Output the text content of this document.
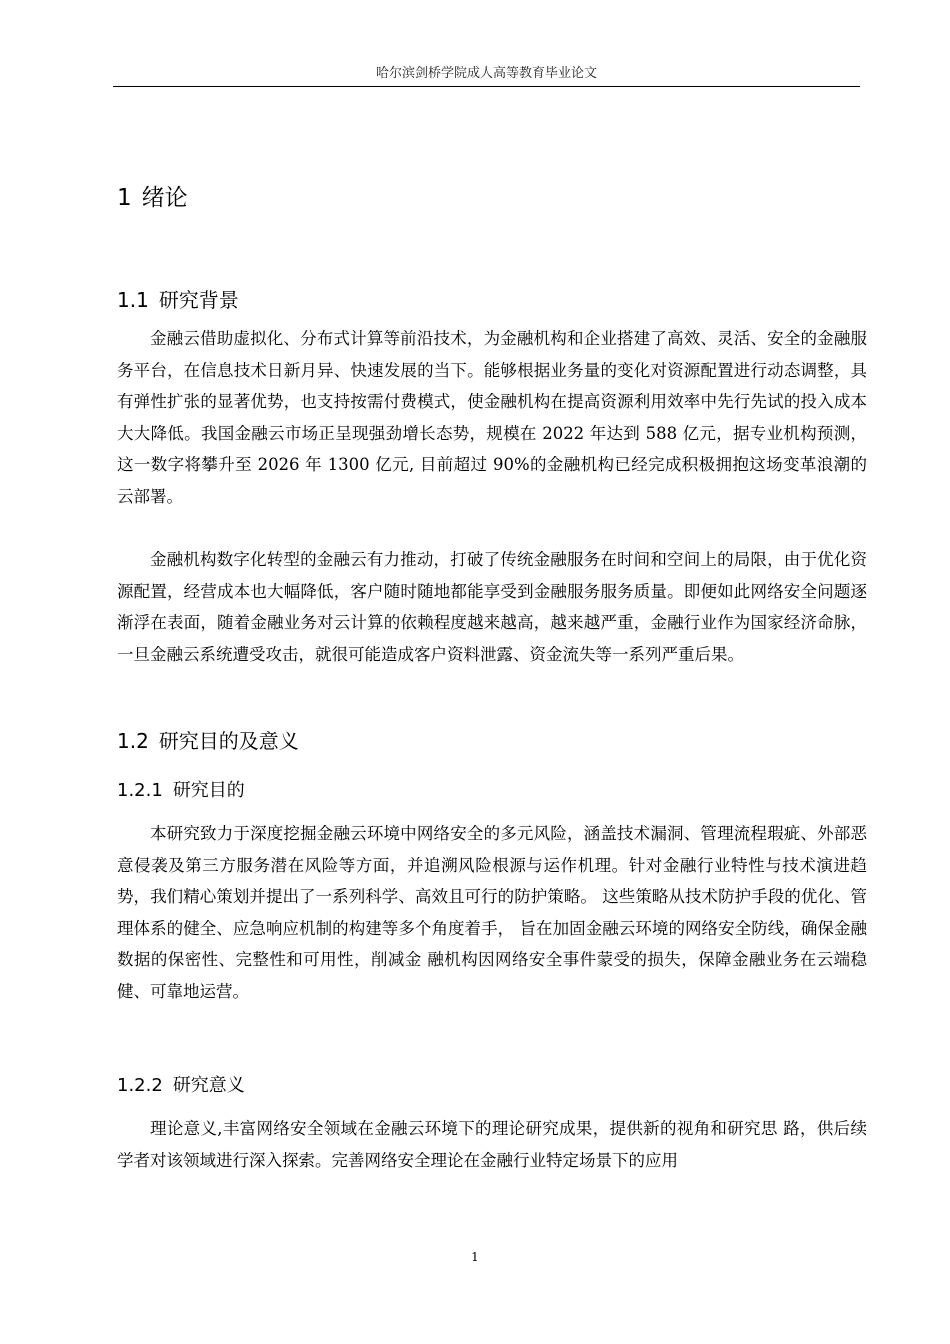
哈尔滨剑桥学院成人高等教育毕业论文
1 绪论
1.1 研究背景

金融云借助虚拟化、分布式计算等前沿技术，为金融机构和企业搭建了高效、灵活、安全的金融服务平台，在信息技术日新月异、快速发展的当下。能够根据业务量的变化对资源配置进行动态调整，具有弹性扩张的显著优势，也支持按需付费模式，使金融机构在提高资源利用效率中先行先试的投入成本大大降低。我国金融云市场正呈现强劲增长态势，规模在 2022 年达到 588 亿元，据专业机构预测，这一数字将攀升至 2026 年 1300 亿元, 目前超过 90%的金融机构已经完成积极拥抱这场变革浪潮的云部署。

金融机构数字化转型的金融云有力推动，打破了传统金融服务在时间和空间上的局限，由于优化资源配置，经营成本也大幅降低，客户随时随地都能享受到金融服务服务质量。即便如此网络安全问题逐渐浮在表面，随着金融业务对云计算的依赖程度越来越高，越来越严重，金融行业作为国家经济命脉，一旦金融云系统遭受攻击，就很可能造成客户资料泄露、资金流失等一系列严重后果。

1.2 研究目的及意义
1.2.1 研究目的

本研究致力于深度挖掘金融云环境中网络安全的多元风险，涵盖技术漏洞、管理流程瑕疵、外部恶意侵袭及第三方服务潜在风险等方面，并追溯风险根源与运作机理。针对金融行业特性与技术演进趋势，我们精心策划并提出了一系列科学、高效且可行的防护策略。 这些策略从技术防护手段的优化、管理体系的健全、应急响应机制的构建等多个角度着手， 旨在加固金融云环境的网络安全防线，确保金融数据的保密性、完整性和可用性，削减金 融机构因网络安全事件蒙受的损失，保障金融业务在云端稳健、可靠地运营。

1.2.2 研究意义

理论意义,丰富网络安全领域在金融云环境下的理论研究成果，提供新的视角和研究思 路，供后续学者对该领域进行深入探索。完善网络安全理论在金融行业特定场景下的应用

1
